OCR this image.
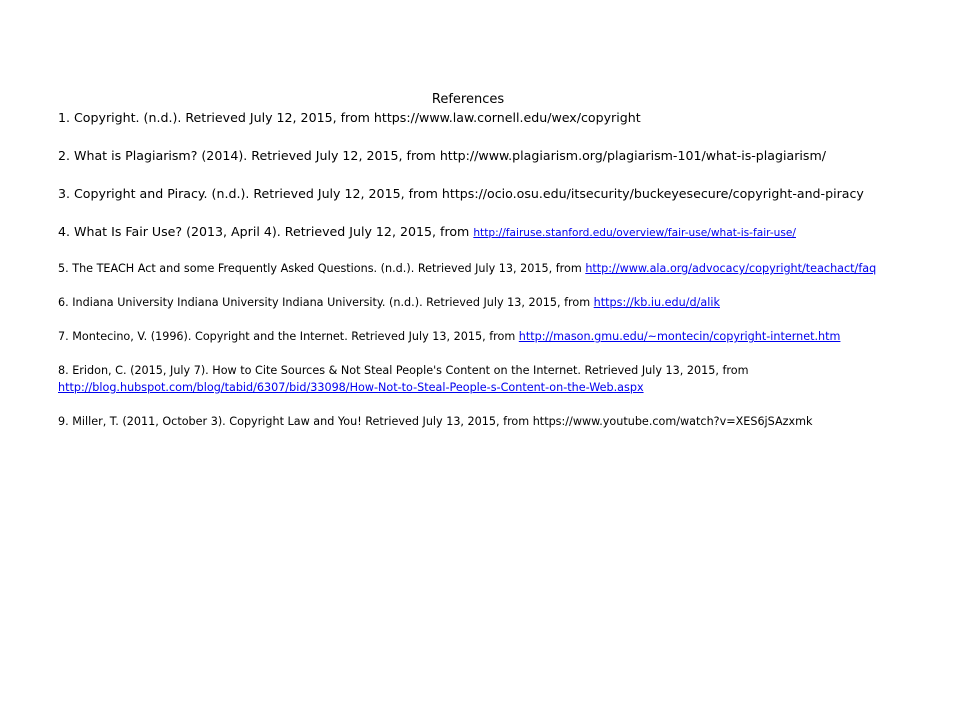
References

1. Copyright. (n.d.). Retrieved July 12, 2015, from https://www.law.cornell.edu/wex/copyright

2. What is Plagiarism? (2014). Retrieved July 12, 2015, from http://www.plagiarism.org/plagiarism-101/what-is-plagiarism/

3. Copyright and Piracy. (n.d.). Retrieved July 12, 2015, from https://ocio.osu.edu/itsecurity/buckeyesecure/copyright-and-piracy

4. What Is Fair Use? (2013, April 4). Retrieved July 12, 2015, from http://fairuse.stanford.edu/overview/fair-use/what-is-fair-use/

5. The TEACH Act and some Frequently Asked Questions. (n.d.). Retrieved July 13, 2015, from http://www.ala.org/advocacy/copyright/teachact/faq

6. Indiana University Indiana University Indiana University. (n.d.). Retrieved July 13, 2015, from https://kb.iu.edu/d/alik

7. Montecino, V. (1996). Copyright and the Internet. Retrieved July 13, 2015, from http://mason.gmu.edu/~montecin/copyright-internet.htm

8. Eridon, C. (2015, July 7). How to Cite Sources & Not Steal People's Content on the Internet. Retrieved July 13, 2015, from http://blog.hubspot.com/blog/tabid/6307/bid/33098/How-Not-to-Steal-People-s-Content-on-the-Web.aspx

9. Miller, T. (2011, October 3). Copyright Law and You! Retrieved July 13, 2015, from https://www.youtube.com/watch?v=XES6jSAzxmk
